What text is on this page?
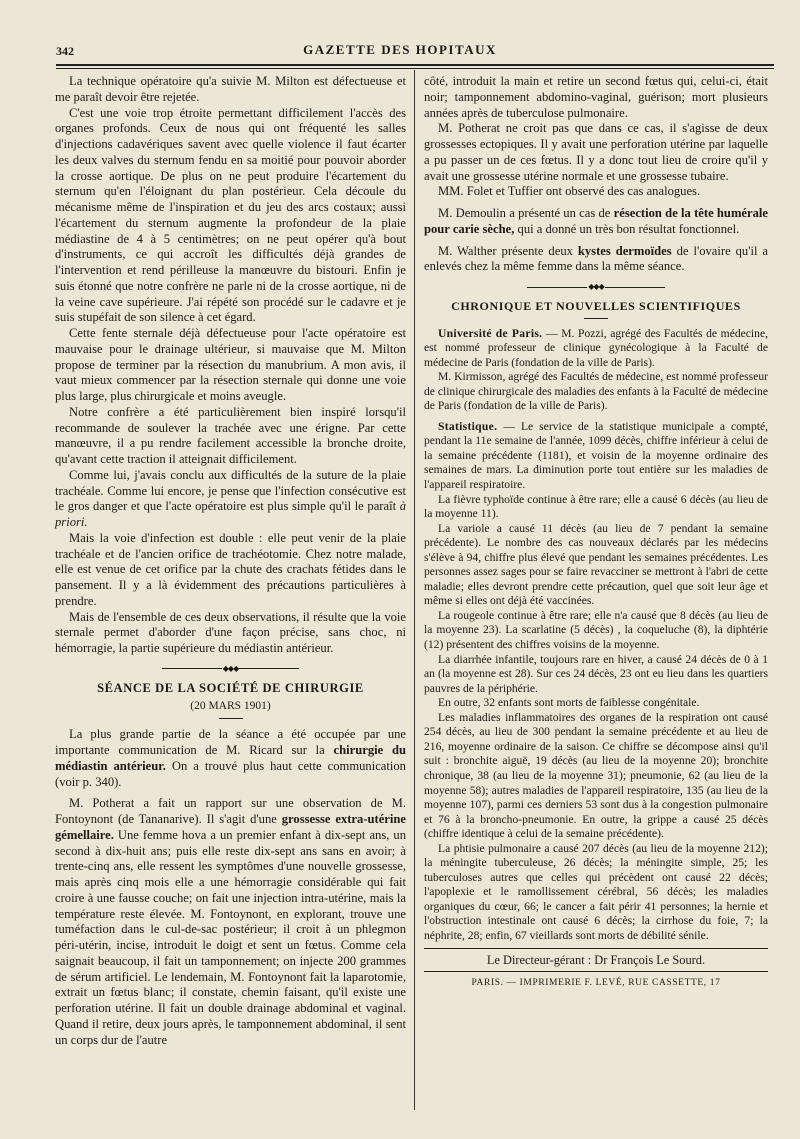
342	GAZETTE DES HOPITAUX

La technique opératoire qu'a suivie M. Milton est défectueuse et me paraît devoir être rejetée.

C'est une voie trop étroite permettant difficilement l'accès des organes profonds. Ceux de nous qui ont fréquenté les salles d'injections cadavériques savent avec quelle violence il faut écarter les deux valves du sternum fendu en sa moitié pour pouvoir aborder la crosse aortique. De plus on ne peut produire l'écartement du sternum qu'en l'éloignant du plan postérieur. Cela découle du mécanisme même de l'inspiration et du jeu des arcs costaux; aussi l'écartement du sternum augmente la profondeur de la plaie médiastine de 4 à 5 centimètres; on ne peut opérer qu'à bout d'instruments, ce qui accroît les difficultés déjà grandes de l'intervention et rend périlleuse la manœuvre du bistouri. Enfin je suis étonné que notre confrère ne parle ni de la crosse aortique, ni de la veine cave supérieure. J'ai répété son procédé sur le cadavre et je suis stupéfait de son silence à cet égard.

Cette fente sternale déjà défectueuse pour l'acte opératoire est mauvaise pour le drainage ultérieur, si mauvaise que M. Milton propose de terminer par la résection du manubrium. A mon avis, il vaut mieux commencer par la résection sternale qui donne une voie plus large, plus chirurgicale et moins aveugle.

Notre confrère a été particulièrement bien inspiré lorsqu'il recommande de soulever la trachée avec une érigne. Par cette manœuvre, il a pu rendre facilement accessible la bronche droite, qu'avant cette traction il atteignait difficilement.

Comme lui, j'avais conclu aux difficultés de la suture de la plaie trachéale. Comme lui encore, je pense que l'infection consécutive est le gros danger et que l'acte opératoire est plus simple qu'il le paraît à priori.

Mais la voie d'infection est double : elle peut venir de la plaie trachéale et de l'ancien orifice de trachéotomie. Chez notre malade, elle est venue de cet orifice par la chute des crachats fétides dans le pansement. Il y a là évidemment des précautions particulières à prendre.

Mais de l'ensemble de ces deux observations, il résulte que la voie sternale permet d'aborder d'une façon précise, sans choc, ni hémorragie, la partie supérieure du médiastin antérieur.

◆◆◆
SÉANCE DE LA SOCIÉTÉ DE CHIRURGIE
(20 MARS 1901)

La plus grande partie de la séance a été occupée par une importante communication de M. Ricard sur la chirurgie du médiastin antérieur. On a trouvé plus haut cette communication (voir p. 340).

M. Potherat a fait un rapport sur une observation de M. Fontoynont (de Tananarive). Il s'agit d'une grossesse extra-utérine gémellaire. Une femme hova a un premier enfant à dix-sept ans, un second à dix-huit ans; puis elle reste dix-sept ans sans en avoir; à trente-cinq ans, elle ressent les symptômes d'une nouvelle grossesse, mais après cinq mois elle a une hémorragie considérable qui fait croire à une fausse couche; on fait une injection intra-utérine, mais la température reste élevée. M. Fontoynont, en explorant, trouve une tuméfaction dans le cul-de-sac postérieur; il croit à un phlegmon péri-utérin, incise, introduit le doigt et sent un fœtus. Comme cela saignait beaucoup, il fait un tamponnement; on injecte 200 grammes de sérum artificiel. Le lendemain, M. Fontoynont fait la laparotomie, extrait un fœtus blanc; il constate, chemin faisant, qu'il existe une perforation utérine. Il fait un double drainage abdominal et vaginal. Quand il retire, deux jours après, le tamponnement abdominal, il sent un corps dur de l'autre

côté, introduit la main et retire un second fœtus qui, celui-ci, était noir; tamponnement abdomino-vaginal, guérison; mort plusieurs années après de tuberculose pulmonaire.

M. Potherat ne croit pas que dans ce cas, il s'agisse de deux grossesses ectopiques. Il y avait une perforation utérine par laquelle a pu passer un de ces fœtus. Il y a donc tout lieu de croire qu'il y avait une grossesse utérine normale et une grossesse tubaire.

MM. Folet et Tuffier ont observé des cas analogues.

M. Demoulin a présenté un cas de résection de la tête humérale pour carie sèche, qui a donné un très bon résultat fonctionnel.

M. Walther présente deux kystes dermoïdes de l'ovaire qu'il a enlevés chez la même femme dans la même séance.

◆◆◆
CHRONIQUE ET NOUVELLES SCIENTIFIQUES

Université de Paris. — M. Pozzi, agrégé des Facultés de médecine, est nommé professeur de clinique gynécologique à la Faculté de médecine de Paris (fondation de la ville de Paris).

M. Kirmisson, agrégé des Facultés de médecine, est nommé professeur de clinique chirurgicale des maladies des enfants à la Faculté de médecine de Paris (fondation de la ville de Paris).

Statistique. — Le service de la statistique municipale a compté, pendant la 11e semaine de l'année, 1099 décès, chiffre inférieur à celui de la semaine précédente (1181), et voisin de la moyenne ordinaire des semaines de mars. La diminution porte tout entière sur les maladies de l'appareil respiratoire.

La fièvre typhoïde continue à être rare; elle a causé 6 décès (au lieu de la moyenne 11).

La variole a causé 11 décès (au lieu de 7 pendant la semaine précédente). Le nombre des cas nouveaux déclarés par les médecins s'élève à 94, chiffre plus élevé que pendant les semaines précédentes. Les personnes assez sages pour se faire revacciner se mettront à l'abri de cette maladie; elles devront prendre cette précaution, quel que soit leur âge et même si elles ont déjà été vaccinées.

La rougeole continue à être rare; elle n'a causé que 8 décès (au lieu de la moyenne 23). La scarlatine (5 décès) , la coqueluche (8), la diphtérie (12) présentent des chiffres voisins de la moyenne.

La diarrhée infantile, toujours rare en hiver, a causé 24 décès de 0 à 1 an (la moyenne est 28). Sur ces 24 décès, 23 ont eu lieu dans les quartiers pauvres de la périphérie.

En outre, 32 enfants sont morts de faiblesse congénitale.

Les maladies inflammatoires des organes de la respiration ont causé 254 décès, au lieu de 300 pendant la semaine précédente et au lieu de 216, moyenne ordinaire de la saison. Ce chiffre se décompose ainsi qu'il suit : bronchite aiguë, 19 décès (au lieu de la moyenne 20); bronchite chronique, 38 (au lieu de la moyenne 31); pneumonie, 62 (au lieu de la moyenne 58); autres maladies de l'appareil respiratoire, 135 (au lieu de la moyenne 107), parmi ces derniers 53 sont dus à la congestion pulmonaire et 76 à la broncho-pneumonie. En outre, la grippe a causé 25 décès (chiffre identique à celui de la semaine précédente).

La phtisie pulmonaire a causé 207 décès (au lieu de la moyenne 212); la méningite tuberculeuse, 26 décès; la méningite simple, 25; les tuberculoses autres que celles qui précèdent ont causé 22 décès; l'apoplexie et le ramollissement cérébral, 56 décès; les maladies organiques du cœur, 66; le cancer a fait périr 41 personnes; la hernie et l'obstruction intestinale ont causé 6 décès; la cirrhose du foie, 7; la néphrite, 28; enfin, 67 vieillards sont morts de débilité sénile.

Le Directeur-gérant : Dr François Le Sourd.
PARIS. — IMPRIMERIE F. LEVÉ, RUE CASSETTE, 17
